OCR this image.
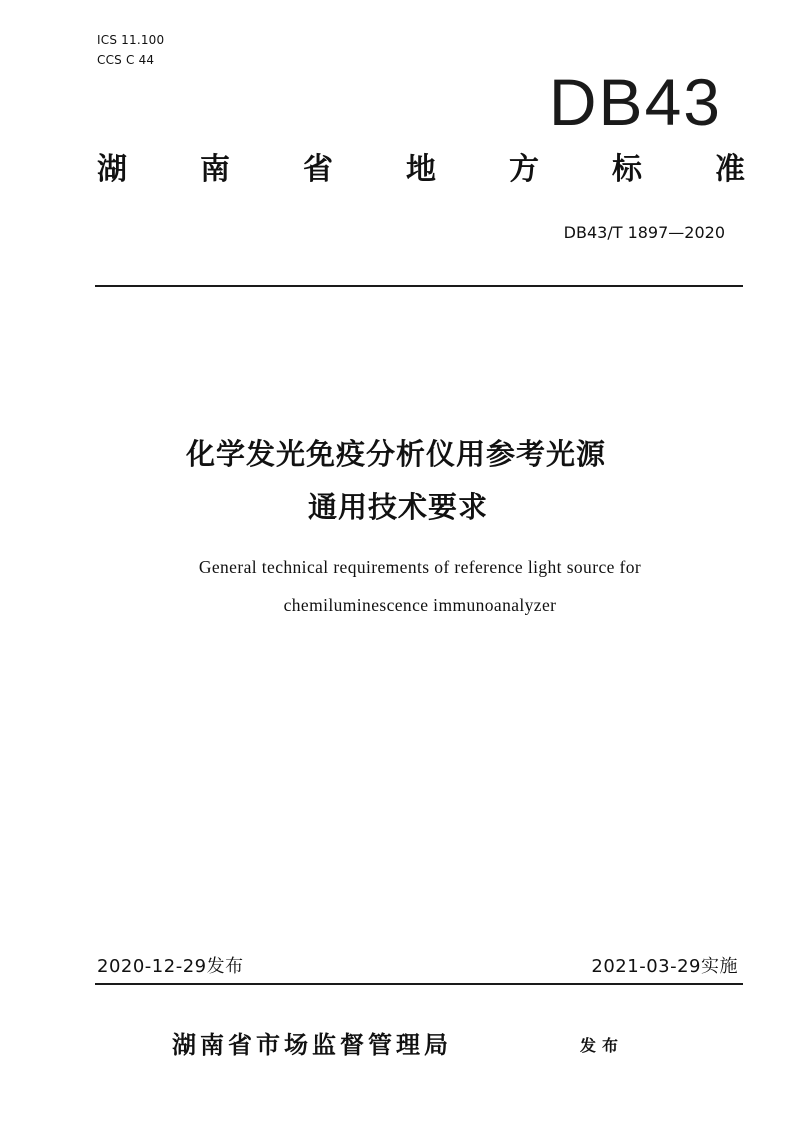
ICS 11.100
CCS C 44
DB43
湖 南 省 地 方 标 准
DB43/T 1897—2020
化学发光免疫分析仪用参考光源
通用技术要求
General technical requirements of reference light source for
chemiluminescence immunoanalyzer
2020-12-29发布	2021-03-29实施
湖南省市场监督管理局	发布
